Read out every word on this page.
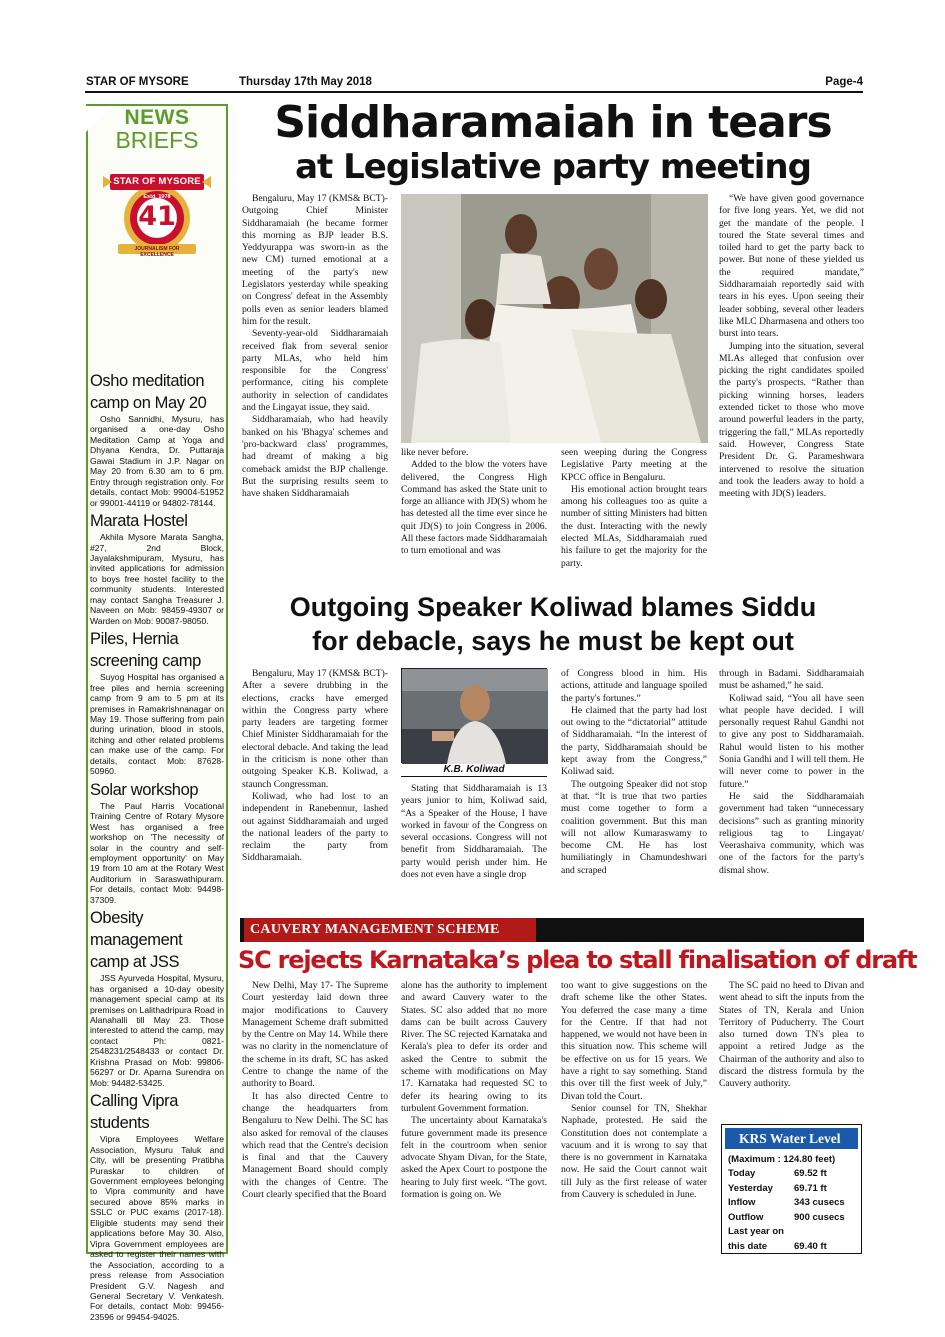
STAR OF MYSORE	Thursday 17th May 2018	Page-4
NEWS
BRIEFS
STAR OF MYSORE
Estd. 1978
41
JOURNALISM FOR EXCELLENCE
Osho meditation camp on May 20
Osho Sannidhi, Mysuru, has organised a one-day Osho Meditation Camp at Yoga and Dhyana Kendra, Dr. Puttaraja Gawai Stadium in J.P. Nagar on May 20 from 6.30 am to 6 pm. Entry through registration only. For details, contact Mob: 99004-51952 or 99001-44119 or 94802-78144.
Marata Hostel
Akhila Mysore Marata Sangha, #27, 2nd Block, Jayalakshmipuram, Mysuru, has invited applications for admission to boys free hostel facility to the community students. Interested may contact Sangha Treasurer J. Naveen on Mob: 98459-49307 or Warden on Mob: 90087-98050.
Piles, Hernia screening camp
Suyog Hospital has organised a free piles and hernia screening camp from 9 am to 5 pm at its premises in Ramakrishnanagar on May 19. Those suffering from pain during urination, blood in stools, itching and other related problems can make use of the camp. For details, contact Mob: 87628-50960.
Solar workshop
The Paul Harris Vocational Training Centre of Rotary Mysore West has organised a free workshop on 'The necessity of solar in the country and self- employment opportunity' on May 19 from 10 am at the Rotary West Auditorium in Saraswathipuram. For details, contact Mob: 94498-37309.
Obesity management camp at JSS
JSS Ayurveda Hospital, Mysuru, has organised a 10-day obesity management special camp at its premises on Lalithadripura Road in Alanahalli till May 23. Those interested to attend the camp, may contact Ph: 0821-2548231/2548433 or contact Dr. Krishna Prasad on Mob: 99806-56297 or Dr. Aparna Surendra on Mob: 94482-53425.
Calling Vipra students
Vipra Employees Welfare Association, Mysuru Taluk and City, will be presenting Pratibha Puraskar to children of Government employees belonging to Vipra community and have secured above 85% marks in SSLC or PUC exams (2017-18). Eligible students may send their applications before May 30. Also, Vipra Government employees are asked to register their names with the Association, according to a press release from Association President G.V. Nagesh and General Secretary V. Venkatesh. For details, contact Mob: 99456-23596 or 99454-94025.
Siddharamaiah in tears
at Legislative party meeting

Bengaluru, May 17 (KMS& BCT)- Outgoing Chief Minister Siddharamaiah (he became former this morning as BJP leader B.S. Yeddyurappa was sworn-in as the new CM) turned emotional at a meeting of the party's new Legislators yesterday while speaking on Congress' defeat in the Assembly polls even as senior leaders blamed him for the result.

Seventy-year-old Siddharamaiah received flak from several senior party MLAs, who held him responsible for the Congress' performance, citing his complete authority in selection of candidates and the Lingayat issue, they said.

Siddharamaiah, who had heavily banked on his 'Bhagya' schemes and 'pro-backward class' programmes, had dreamt of making a big comeback amidst the BJP challenge. But the surprising results seem to have shaken Siddharamaiah

like never before.

Added to the blow the voters have delivered, the Congress High Command has asked the State unit to forge an alliance with JD(S) whom he has detested all the time ever since he quit JD(S) to join Congress in 2006. All these factors made Siddharamaiah to turn emotional and was

seen weeping during the Congress Legislative Party meeting at the KPCC office in Bengaluru.

His emotional action brought tears among his colleagues too as quite a number of sitting Ministers had bitten the dust. Interacting with the newly elected MLAs, Siddharamaiah rued his failure to get the majority for the party.

“We have given good governance for five long years. Yet, we did not get the mandate of the people. I toured the State several times and toiled hard to get the party back to power. But none of these yielded us the required mandate,” Siddharamaiah reportedly said with tears in his eyes. Upon seeing their leader sobbing, several other leaders like MLC Dharmasena and others too burst into tears.

Jumping into the situation, several MLAs alleged that confusion over picking the right candidates spoiled the party's prospects. “Rather than picking winning horses, leaders extended ticket to those who move around powerful leaders in the party, triggering the fall,” MLAs reportedly said. However, Congress State President Dr. G. Parameshwara intervened to resolve the situation and took the leaders away to hold a meeting with JD(S) leaders.

Outgoing Speaker Koliwad blames Siddu
for debacle, says he must be kept out

Bengaluru, May 17 (KMS& BCT)- After a severe drubbing in the elections, cracks have emerged within the Congress party where party leaders are targeting former Chief Minister Siddharamaiah for the electoral debacle. And taking the lead in the criticism is none other than outgoing Speaker K.B. Koliwad, a staunch Congressman.

Koliwad, who had lost to an independent in Ranebennur, lashed out against Siddharamaiah and urged the national leaders of the party to reclaim the party from Siddharamaiah.

K.B. Koliwad

Stating that Siddharamaiah is 13 years junior to him, Koliwad said, “As a Speaker of the House, I have worked in favour of the Congress on several occasions. Congress will not benefit from Siddharamaiah. The party would perish under him. He does not even have a single drop

of Congress blood in him. His actions, attitude and language spoiled the party's fortunes.”

He claimed that the party had lost out owing to the “dictatorial” attitude of Siddharamaiah. “In the interest of the party, Siddharamaiah should be kept away from the Congress,” Koliwad said.

The outgoing Speaker did not stop at that. “It is true that two parties must come together to form a coalition government. But this man will not allow Kumaraswamy to become CM. He has lost humiliatingly in Chamundeshwari and scraped

through in Badami. Siddharamaiah must be ashamed,” he said.

Koliwad said, “You all have seen what people have decided. I will personally request Rahul Gandhi not to give any post to Siddharamaiah. Rahul would listen to his mother Sonia Gandhi and I will tell them. He will never come to power in the future.”

He said the Siddharamaiah government had taken “unnecessary decisions” such as granting minority religious tag to Lingayat/ Veerashaiva community, which was one of the factors for the party's dismal show.

CAUVERY MANAGEMENT SCHEME
SC rejects Karnataka’s plea to stall finalisation of draft

New Delhi, May 17- The Supreme Court yesterday laid down three major modifications to Cauvery Management Scheme draft submitted by the Centre on May 14. While there was no clarity in the nomenclature of the scheme in its draft, SC has asked Centre to change the name of the authority to Board.

It has also directed Centre to change the headquarters from Bengaluru to New Delhi. The SC has also asked for removal of the clauses which read that the Centre's decision is final and that the Cauvery Management Board should comply with the changes of Centre. The Court clearly specified that the Board

alone has the authority to implement and award Cauvery water to the States. SC also added that no more dams can be built across Cauvery River. The SC rejected Karnataka and Kerala's plea to defer its order and asked the Centre to submit the scheme with modifications on May 17. Karnataka had requested SC to defer its hearing owing to its turbulent Government formation.

The uncertainty about Karnataka's future government made its presence felt in the courtroom when senior advocate Shyam Divan, for the State, asked the Apex Court to postpone the hearing to July first week. “The govt. formation is going on. We

too want to give suggestions on the draft scheme like the other States. You deferred the case many a time for the Centre. If that had not happened, we would not have been in this situation now. This scheme will be effective on us for 15 years. We have a right to say something. Stand this over till the first week of July,” Divan told the Court.

Senior counsel for TN, Shekhar Naphade, protested. He said the Constitution does not contemplate a vacuum and it is wrong to say that there is no government in Karnataka now. He said the Court cannot wait till July as the first release of water from Cauvery is scheduled in June.

The SC paid no heed to Divan and went ahead to sift the inputs from the States of TN, Kerala and Union Territory of Puducherry. The Court also turned down TN's plea to appoint a retired Judge as the Chairman of the authority and also to discard the distress formula by the Cauvery authority.

KRS Water Level
(Maximum : 124.80 feet)
Today	69.52 ft
Yesterday	69.71 ft
Inflow	343 cusecs
Outflow	900 cusecs
Last year on
this date	69.40 ft
